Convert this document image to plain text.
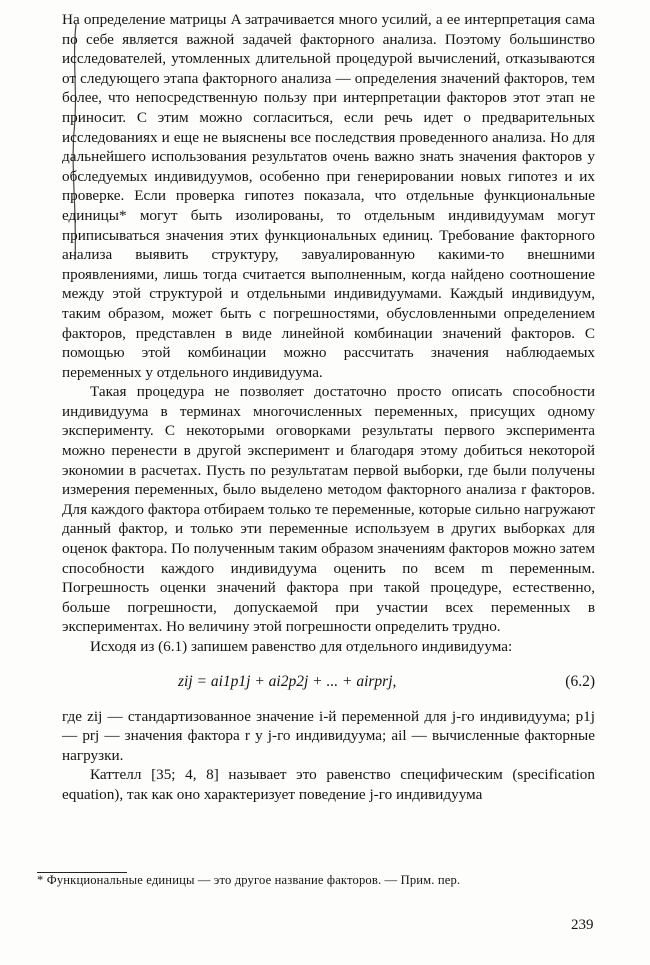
На определение матрицы A затрачивается много усилий, а ее интерпретация сама по себе является важной задачей факторного анализа. Поэтому большинство исследователей, утомленных длительной процедурой вычислений, отказываются от следующего этапа факторного анализа — определения значений факторов, тем более, что непосредственную пользу при интерпретации факторов этот этап не приносит. С этим можно согласиться, если речь идет о предварительных исследованиях и еще не выяснены все последствия проведенного анализа. Но для дальнейшего использования результатов очень важно знать значения факторов у обследуемых индивидуумов, особенно при генерировании новых гипотез и их проверке. Если проверка гипотез показала, что отдельные функциональные единицы* могут быть изолированы, то отдельным индивидуумам могут приписываться значения этих функциональных единиц. Требование факторного анализа выявить структуру, завуалированную какими-то внешними проявлениями, лишь тогда считается выполненным, когда найдено соотношение между этой структурой и отдельными индивидуумами. Каждый индивидуум, таким образом, может быть с погрешностями, обусловленными определением факторов, представлен в виде линейной комбинации значений факторов. С помощью этой комбинации можно рассчитать значения наблюдаемых переменных у отдельного индивидуума.

Такая процедура не позволяет достаточно просто описать способности индивидуума в терминах многочисленных переменных, присущих одному эксперименту. С некоторыми оговорками результаты первого эксперимента можно перенести в другой эксперимент и благодаря этому добиться некоторой экономии в расчетах. Пусть по результатам первой выборки, где были получены измерения переменных, было выделено методом факторного анализа r факторов. Для каждого фактора отбираем только те переменные, которые сильно нагружают данный фактор, и только эти переменные используем в других выборках для оценок фактора. По полученным таким образом значениям факторов можно затем способности каждого индивидуума оценить по всем m переменным. Погрешность оценки значений фактора при такой процедуре, естественно, больше погрешности, допускаемой при участии всех переменных в экспериментах. Но величину этой погрешности определить трудно.

Исходя из (6.1) запишем равенство для отдельного индивидуума:

zij = ai1p1j + ai2p2j + ... + airprj,	(6.2)

где zij — стандартизованное значение i-й переменной для j-го индивидуума; p1j — prj — значения фактора r у j-го индивидуума; ail — вычисленные факторные нагрузки.

Каттелл [35; 4, 8] называет это равенство специфическим (specification equation), так как оно характеризует поведение j-го индивидуума

* Функциональные единицы — это другое название факторов. — Прим. пер.
239
